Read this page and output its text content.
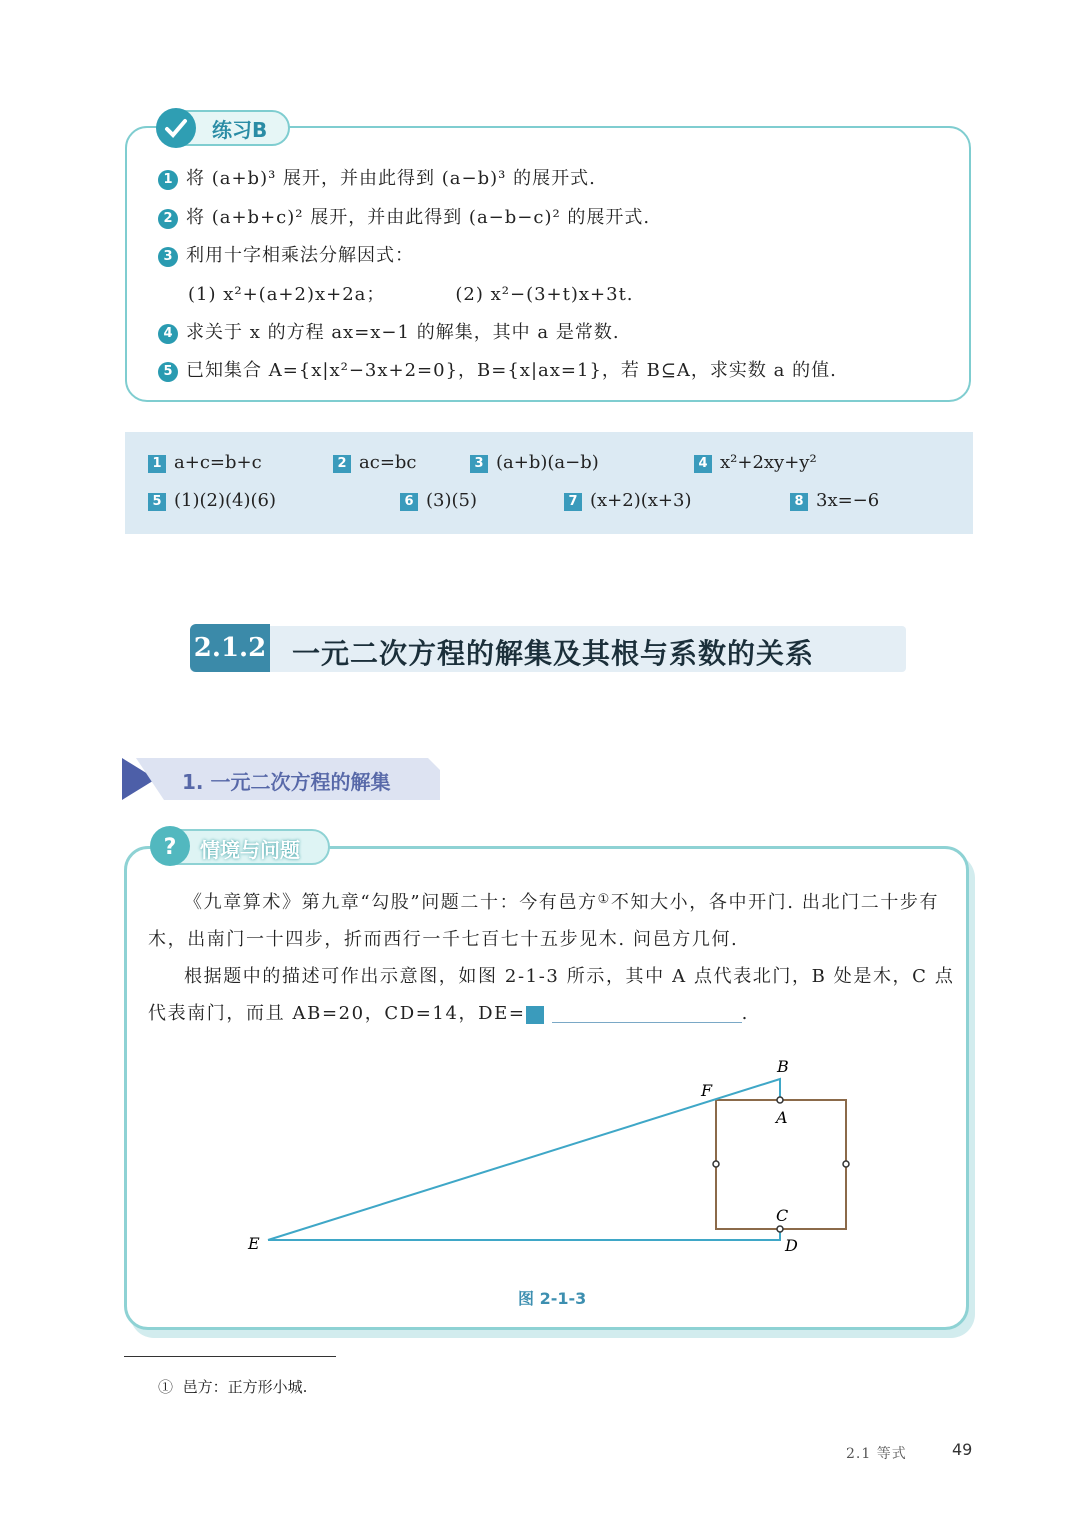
练习B
1 将 (a+b)³ 展开，并由此得到 (a−b)³ 的展开式.
2 将 (a+b+c)² 展开，并由此得到 (a−b−c)² 的展开式.
3 利用十字相乘法分解因式：
(1) x²+(a+2)x+2a；	(2) x²−(3+t)x+3t.
4 求关于 x 的方程 ax=x−1 的解集，其中 a 是常数.
5 已知集合 A={x|x²−3x+2=0}，B={x|ax=1}，若 B⊆A，求实数 a 的值.
1 a+c=b+c	2 ac=bc	3 (a+b)(a−b)	4 x²+2xy+y²
5 (1)(2)(4)(6)	6 (3)(5)	7 (x+2)(x+3)	8 3x=−6
2.1.2 一元二次方程的解集及其根与系数的关系
1. 一元二次方程的解集
? 情境与问题
《九章算术》第九章“勾股”问题二十：今有邑方①不知大小，各中开门. 出北门二十步有木，出南门一十四步，折而西行一千七百七十五步见木. 问邑方几何.
根据题中的描述可作出示意图，如图 2-1-3 所示，其中 A 点代表北门，B 处是木，C 点代表南门，而且 AB=20，CD=14，DE=	1	.
B
F
A
C
D
E
图 2-1-3
① 邑方：正方形小城.
2.1 等式	49
